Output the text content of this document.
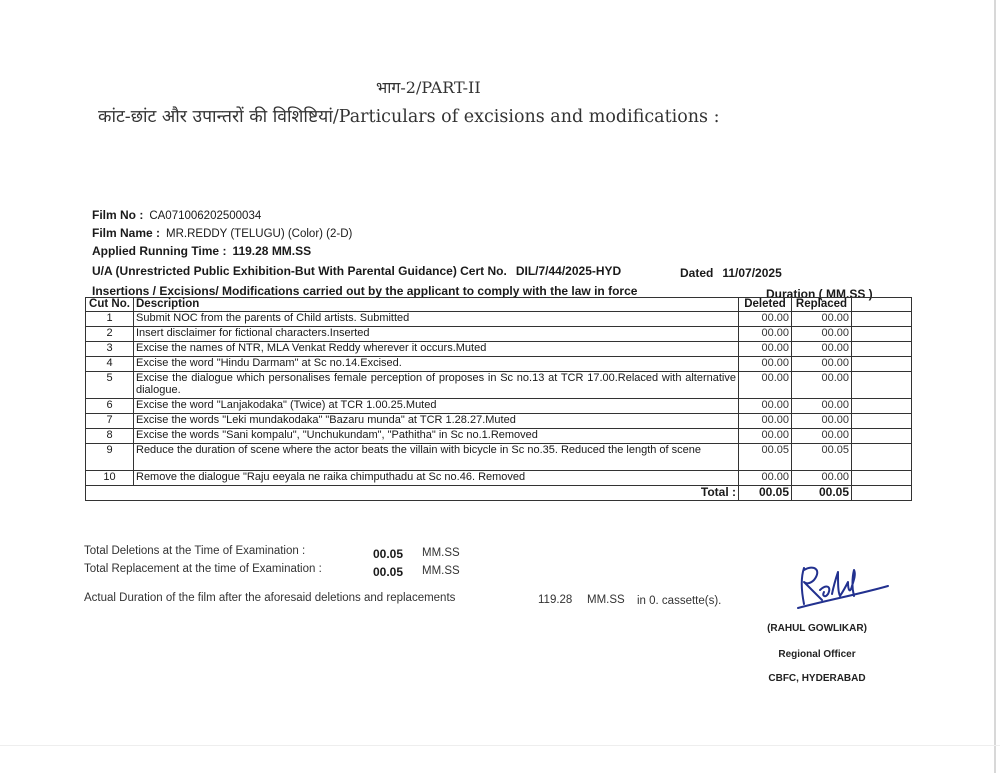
भाग-2/PART-II
कांट-छांट और उपान्तरों की विशिष्टियां/Particulars of excisions and modifications :
Film No : CA071006202500034
Film Name : MR.REDDY (TELUGU) (Color) (2-D)
Applied Running Time : 119.28 MM.SS
U/A (Unrestricted Public Exhibition-But With Parental Guidance) Cert No. DIL/7/44/2025-HYD	Dated 11/07/2025
Insertions / Excisions/ Modifications carried out by the applicant to comply with the law in force	Duration ( MM.SS )
Cut No.	Description	Deleted	Replaced	
1	Submit NOC from the parents of Child artists. Submitted	00.00	00.00	
2	Insert disclaimer for fictional characters.Inserted	00.00	00.00	
3	Excise the names of NTR, MLA Venkat Reddy wherever it occurs.Muted	00.00	00.00	
4	Excise the word "Hindu Darmam" at Sc no.14.Excised.	00.00	00.00	
5	Excise the dialogue which personalises female perception of proposes in Sc no.13 at TCR 17.00.Relaced with alternative dialogue.	00.00	00.00	
6	Excise the word "Lanjakodaka" (Twice) at TCR 1.00.25.Muted	00.00	00.00	
7	Excise the words "Leki mundakodaka" "Bazaru munda" at TCR 1.28.27.Muted	00.00	00.00	
8	Excise the words "Sani kompalu", "Unchukundam", "Pathitha" in Sc no.1.Removed	00.00	00.00	
9	Reduce the duration of scene where the actor beats the villain with bicycle in Sc no.35. Reduced the length of scene	00.05	00.05	
10	Remove the dialogue "Raju eeyala ne raika chimputhadu at Sc no.46. Removed	00.00	00.00	
Total :		00.05	00.05	
Total Deletions at the Time of Examination :	00.05 MM.SS
Total Replacement at the time of Examination :	00.05 MM.SS
Actual Duration of the film after the aforesaid deletions and replacements	119.28 MM.SS in 0. cassette(s).
(RAHUL GOWLIKAR)
Regional Officer
CBFC, HYDERABAD
